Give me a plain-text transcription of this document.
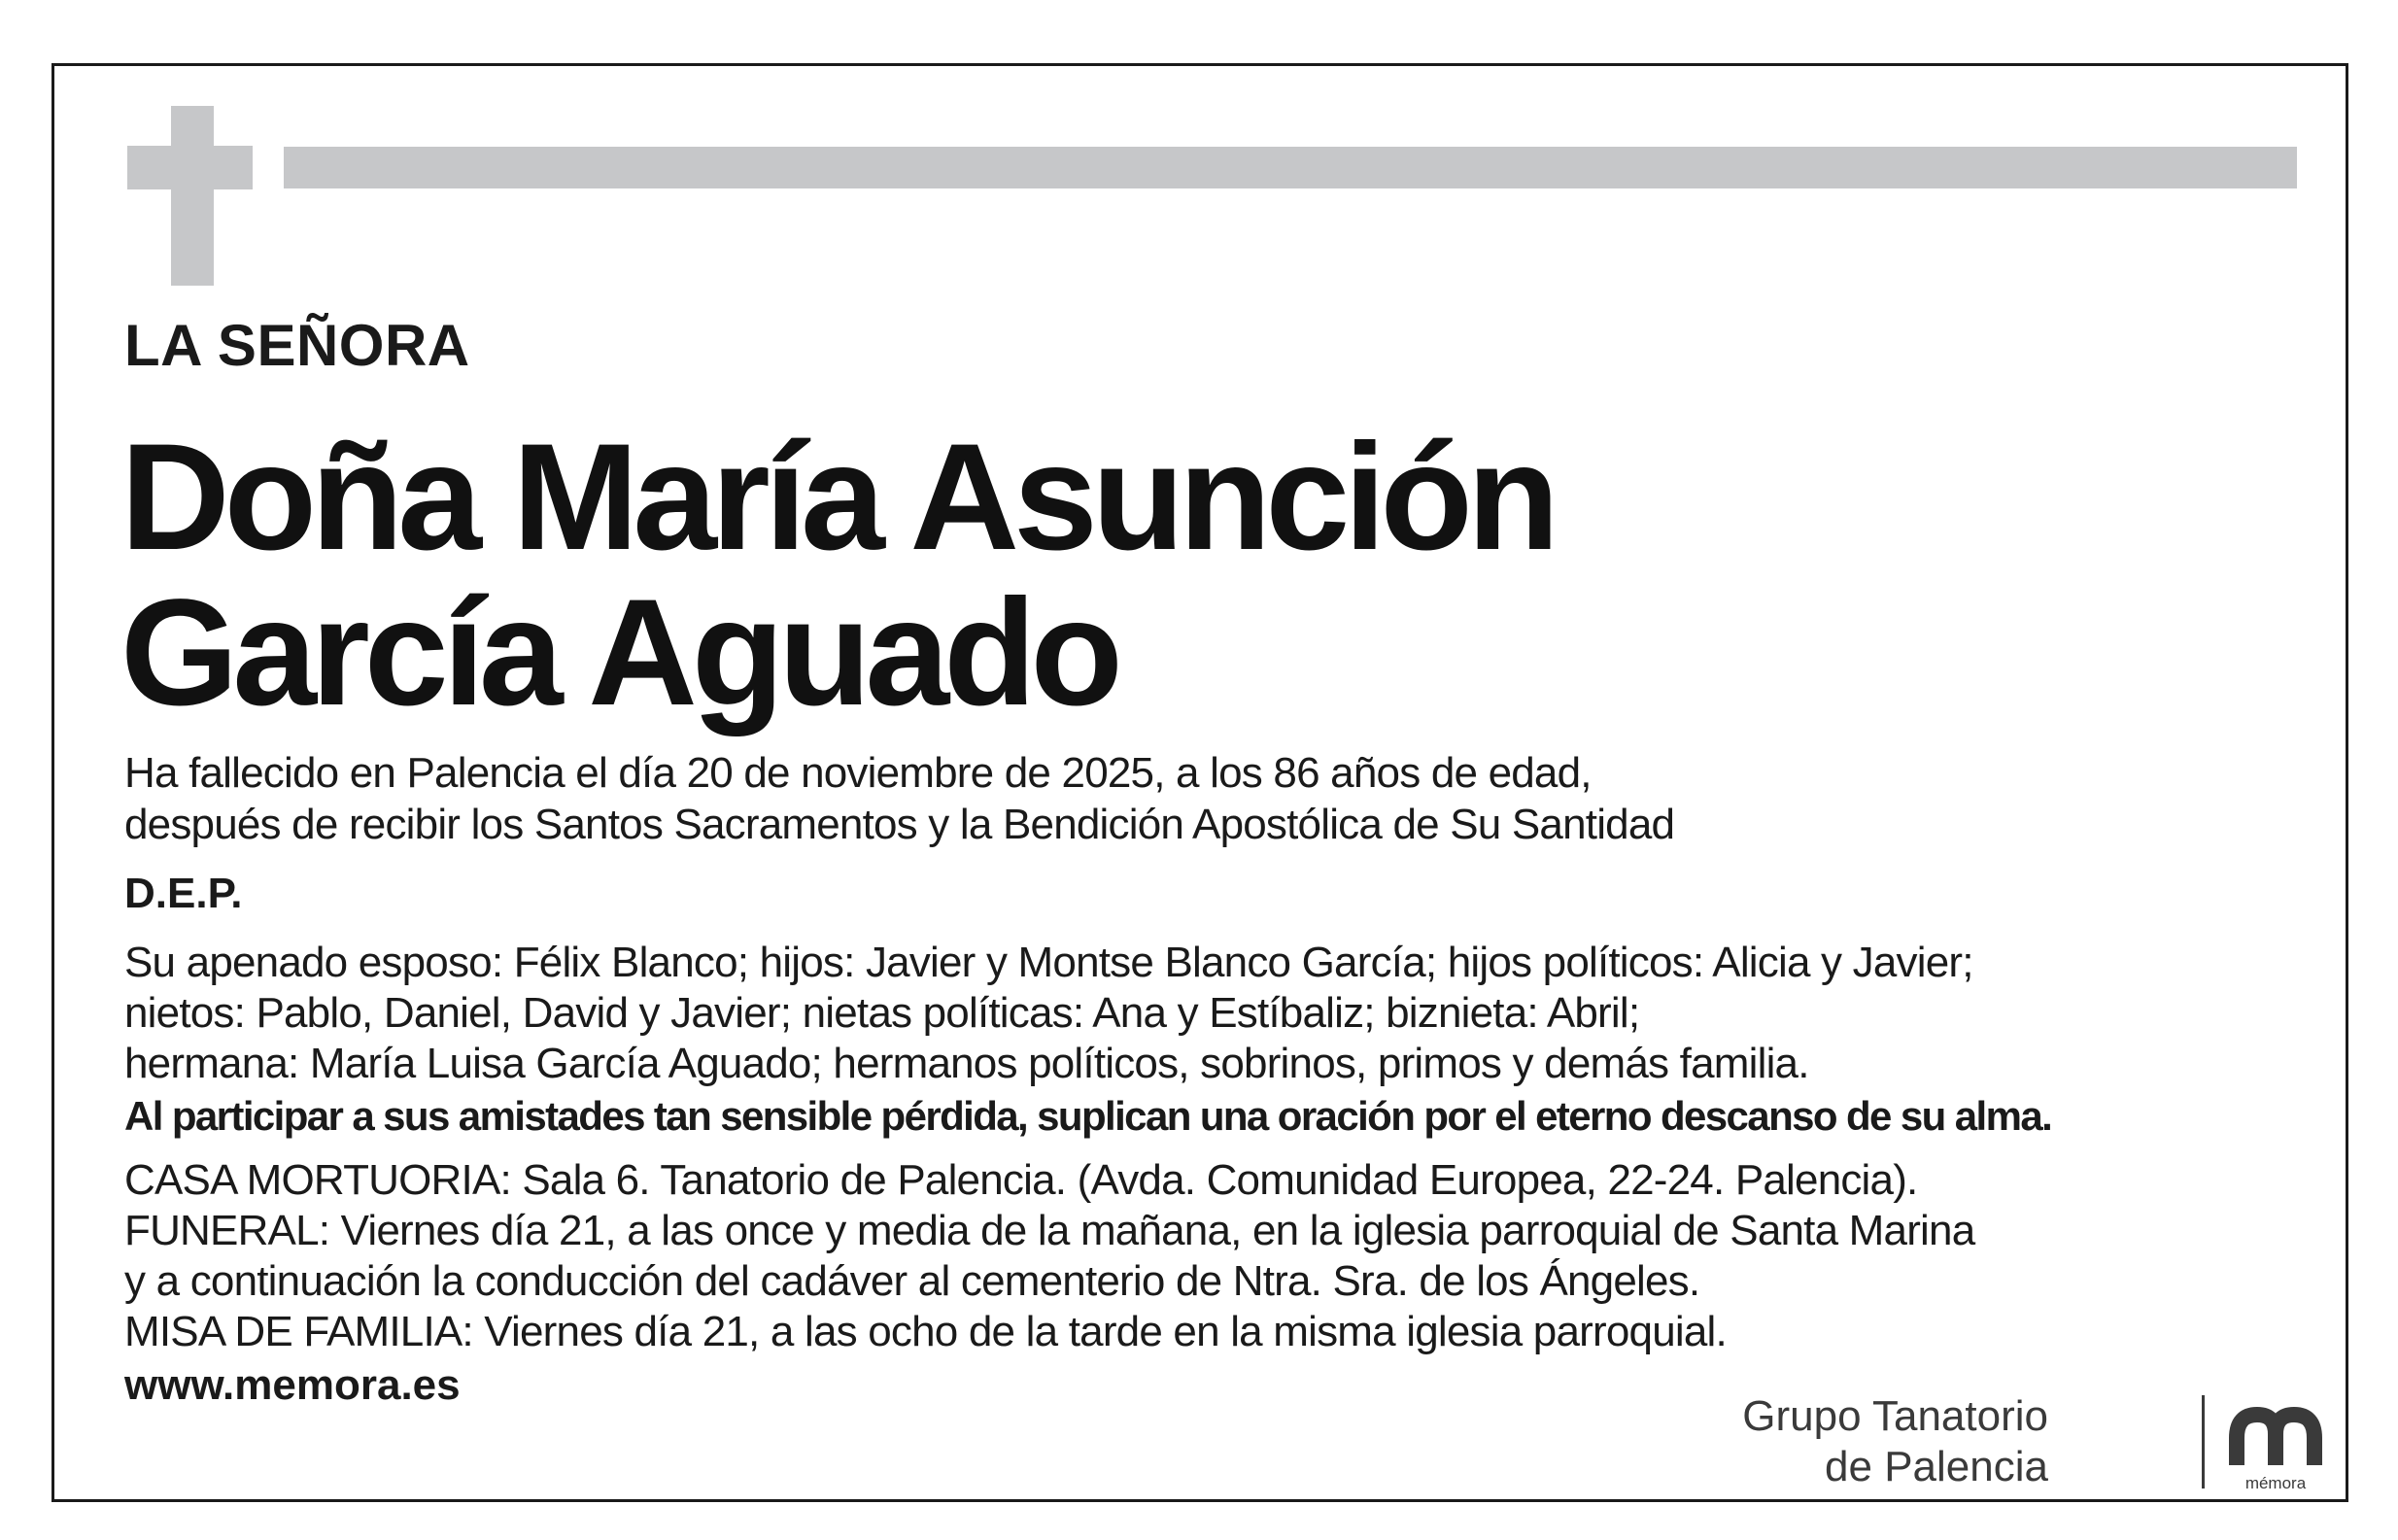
LA SEÑORA
Doña María Asunción
García Aguado
Ha fallecido en Palencia el día 20 de noviembre de 2025, a los 86 años de edad,
después de recibir los Santos Sacramentos y la Bendición Apostólica de Su Santidad
D.E.P.
Su apenado esposo: Félix Blanco; hijos: Javier y Montse Blanco García; hijos políticos: Alicia y Javier;
nietos: Pablo, Daniel, David y Javier; nietas políticas: Ana y Estíbaliz; biznieta: Abril;
hermana: María Luisa García Aguado; hermanos políticos, sobrinos, primos y demás familia.
Al participar a sus amistades tan sensible pérdida, suplican una oración por el eterno descanso de su alma.
CASA MORTUORIA: Sala 6. Tanatorio de Palencia. (Avda. Comunidad Europea, 22-24. Palencia).
FUNERAL: Viernes día 21, a las once y media de la mañana, en la iglesia parroquial de Santa Marina
y a continuación la conducción del cadáver al cementerio de Ntra. Sra. de los Ángeles.
MISA DE FAMILIA: Viernes día 21, a las ocho de la tarde en la misma iglesia parroquial.
www.memora.es
Grupo Tanatorio
de Palencia	mémora
